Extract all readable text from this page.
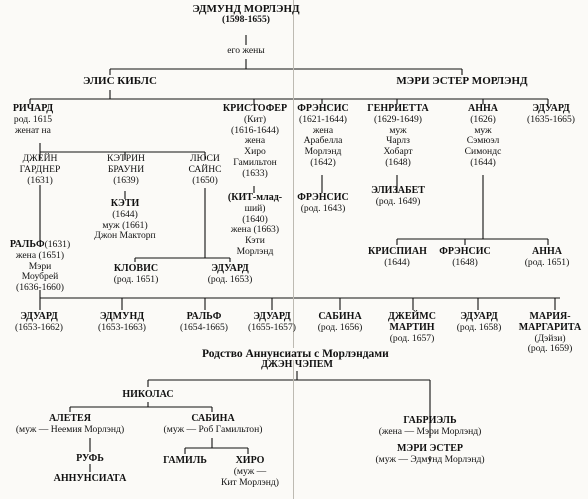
ЭДМУНД МОРЛЭНД
(1598-1655)
его жены
ЭЛИС КИБЛС	МЭРИ ЭСТЕР МОРЛЭНД
РИЧАРД
род. 1615
женат на
КРИСТОФЕР
(Кит)
(1616-1644)
жена
Хиро
Гамильтон
(1633)
ФРЭНСИС
(1621-1644)
жена
Арабелла
Морлэнд
(1642)
ГЕНРИЕТТА
(1629-1649)
муж
Чарлз
Хобарт
(1648)
АННА
(1626)
муж
Сэмюэл
Симондс
(1644)
ЭДУАРД
(1635-1665)
ДЖЕЙН
ГАРДНЕР
(1631)
КЭТРИН
БРАУНИ
(1639)
ЛЮСИ
САЙНС
(1650)
КЭТИ
(1644)
муж (1661)
Джон Макторп
(КИТ-млад-
ший)
(1640)
жена (1663)
Кэти
Морлэнд
ФРЭНСИС
(род. 1643)
ЭЛИЗАБЕТ
(род. 1649)
РАЛЬФ(1631)
жена (1651)
Мэри
Моубрей
(1636-1660)
КЛОВИС
(род. 1651)
ЭДУАРД
(род. 1653)
КРИСПИАН
(1644)
ФРЭНСИС
(1648)
АННА
(род. 1651)
ЭДУАРД
(1653-1662)
ЭДМУНД
(1653-1663)
РАЛЬФ
(1654-1665)
ЭДУАРД
(1655-1657)
САБИНА
(род. 1656)
ДЖЕЙМС
МАРТИН
(род. 1657)
ЭДУАРД
(род. 1658)
МАРИЯ-
МАРГАРИТА
(Дэйзи)
(род. 1659)
Родство Аннунсиаты с Морлэндами
ДЖЭН ЧЭПЕМ
НИКОЛАС
АЛЕТЕЯ
(муж — Неемия Морлэнд)
САБИНА
(муж — Роб Гамильтон)
ГАБРИЭЛЬ
(жена — Мэри Морлэнд)
РУФЬ	ГАМИЛЬ	ХИРО
(муж —
Кит Морлэнд)
МЭРИ ЭСТЕР
(муж — Эдмунд Морлэнд)
АННУНСИАТА
